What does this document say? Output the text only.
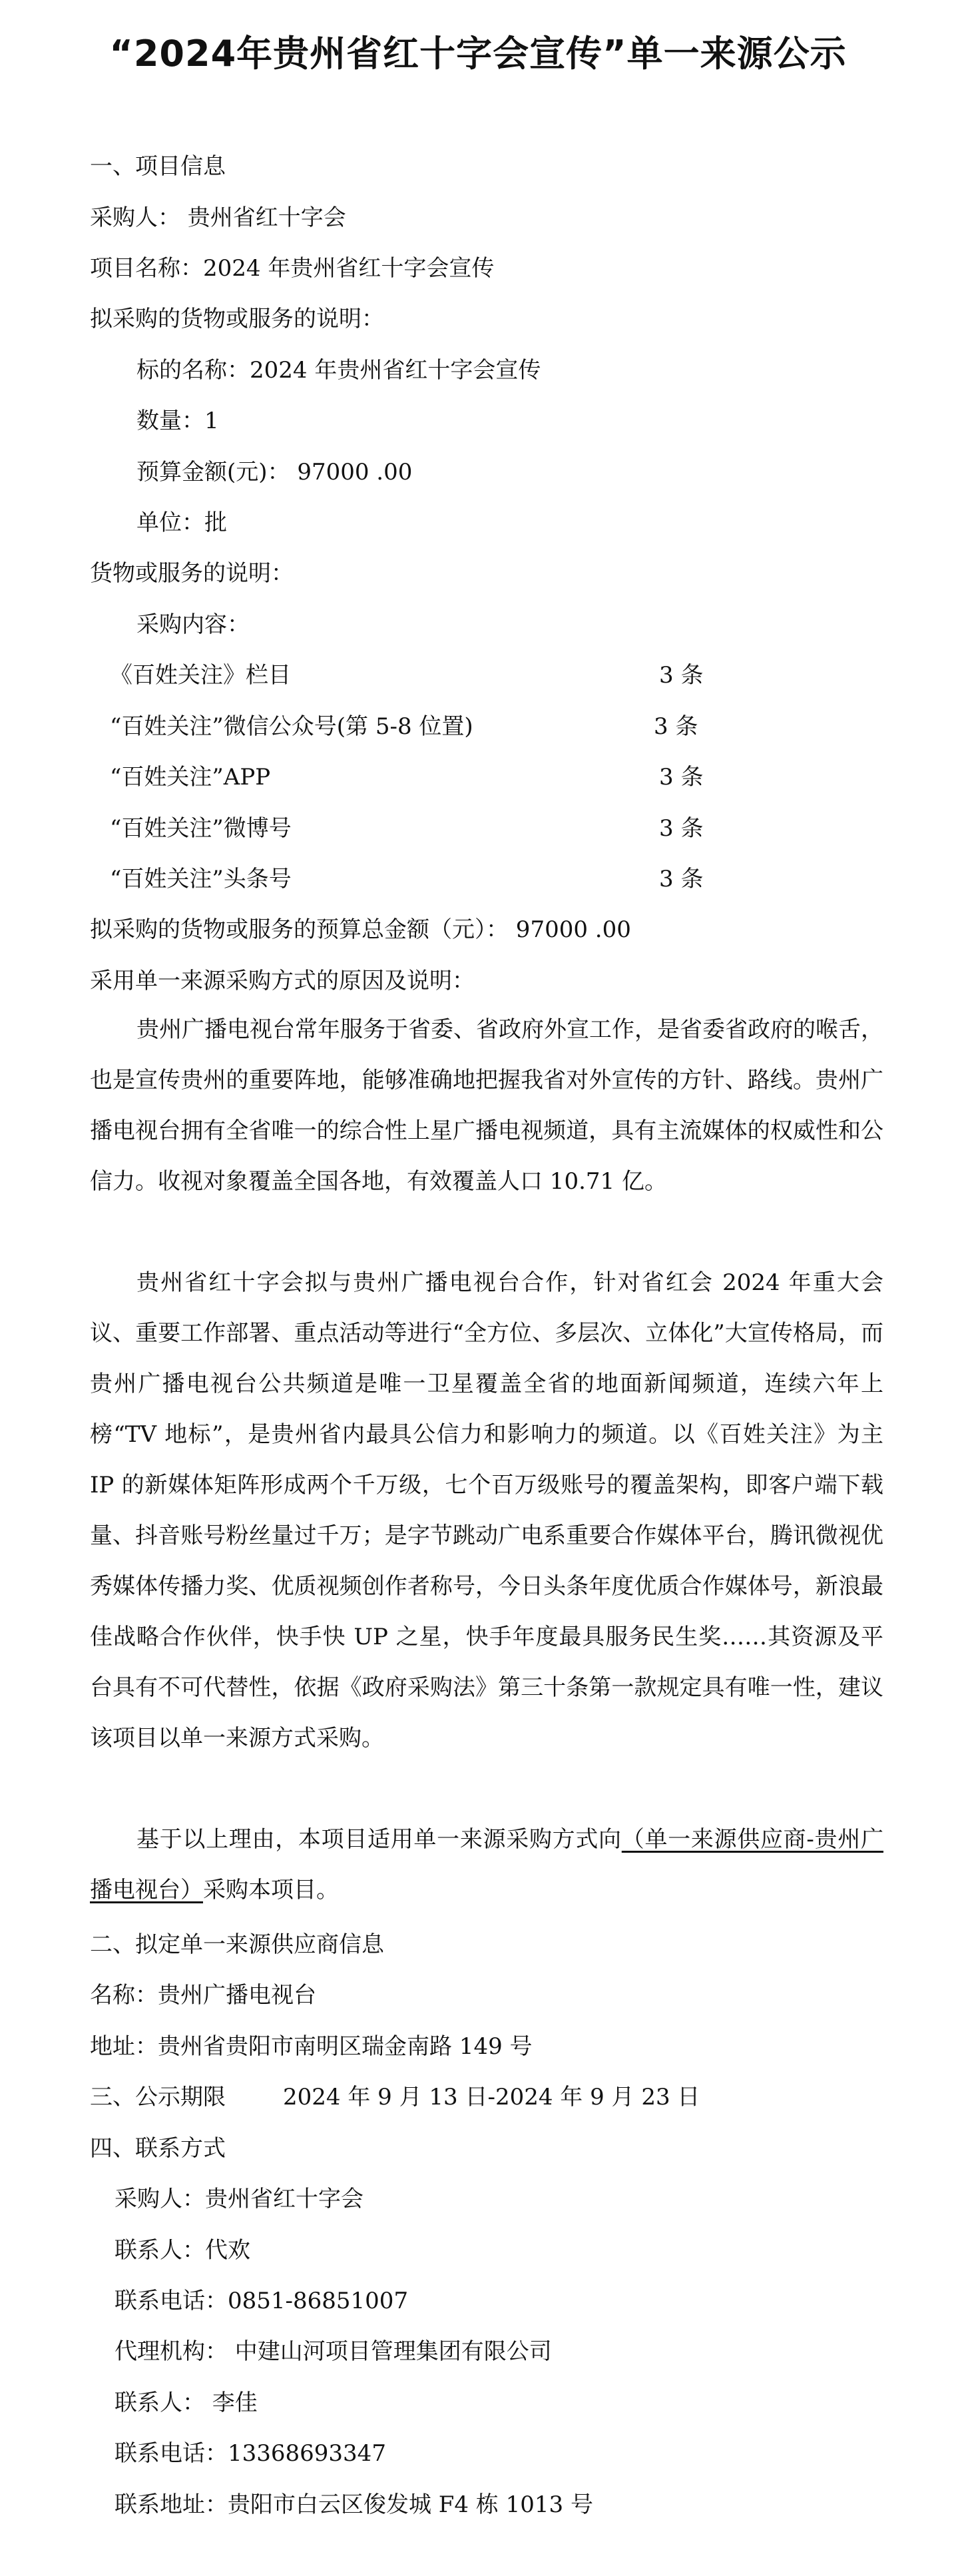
“2024年贵州省红十字会宣传”单一来源公示
一、项目信息
采购人： 贵州省红十字会
项目名称：2024 年贵州省红十字会宣传
拟采购的货物或服务的说明：
标的名称：2024 年贵州省红十字会宣传
数量：1
预算金额(元)： 97000 .00
单位：批
货物或服务的说明：
采购内容：
《百姓关注》栏目	3 条
“百姓关注”微信公众号(第 5-8 位置)	3 条
“百姓关注”APP	3 条
“百姓关注”微博号	3 条
“百姓关注”头条号	3 条
拟采购的货物或服务的预算总金额（元）： 97000 .00
采用单一来源采购方式的原因及说明：
贵州广播电视台常年服务于省委、省政府外宣工作，是省委省政府的喉舌，也是宣传贵州的重要阵地，能够准确地把握我省对外宣传的方针、路线。贵州广播电视台拥有全省唯一的综合性上星广播电视频道，具有主流媒体的权威性和公信力。收视对象覆盖全国各地，有效覆盖人口 10.71 亿。
贵州省红十字会拟与贵州广播电视台合作，针对省红会 2024 年重大会议、重要工作部署、重点活动等进行“全方位、多层次、立体化”大宣传格局，而贵州广播电视台公共频道是唯一卫星覆盖全省的地面新闻频道，连续六年上榜“TV 地标”，是贵州省内最具公信力和影响力的频道。以《百姓关注》为主 IP 的新媒体矩阵形成两个千万级，七个百万级账号的覆盖架构，即客户端下载量、抖音账号粉丝量过千万；是字节跳动广电系重要合作媒体平台，腾讯微视优秀媒体传播力奖、优质视频创作者称号，今日头条年度优质合作媒体号，新浪最佳战略合作伙伴，快手快 UP 之星，快手年度最具服务民生奖……其资源及平台具有不可代替性，依据《政府采购法》第三十条第一款规定具有唯一性，建议该项目以单一来源方式采购。
基于以上理由，本项目适用单一来源采购方式向（单一来源供应商-贵州广播电视台）采购本项目。
二、拟定单一来源供应商信息
名称：贵州广播电视台
地址：贵州省贵阳市南明区瑞金南路 149 号
三、公示期限	2024 年 9 月 13 日-2024 年 9 月 23 日
四、联系方式
采购人：贵州省红十字会
联系人：代欢
联系电话：0851-86851007
代理机构： 中建山河项目管理集团有限公司
联系人： 李佳
联系电话：13368693347
联系地址：贵阳市白云区俊发城 F4 栋 1013 号
